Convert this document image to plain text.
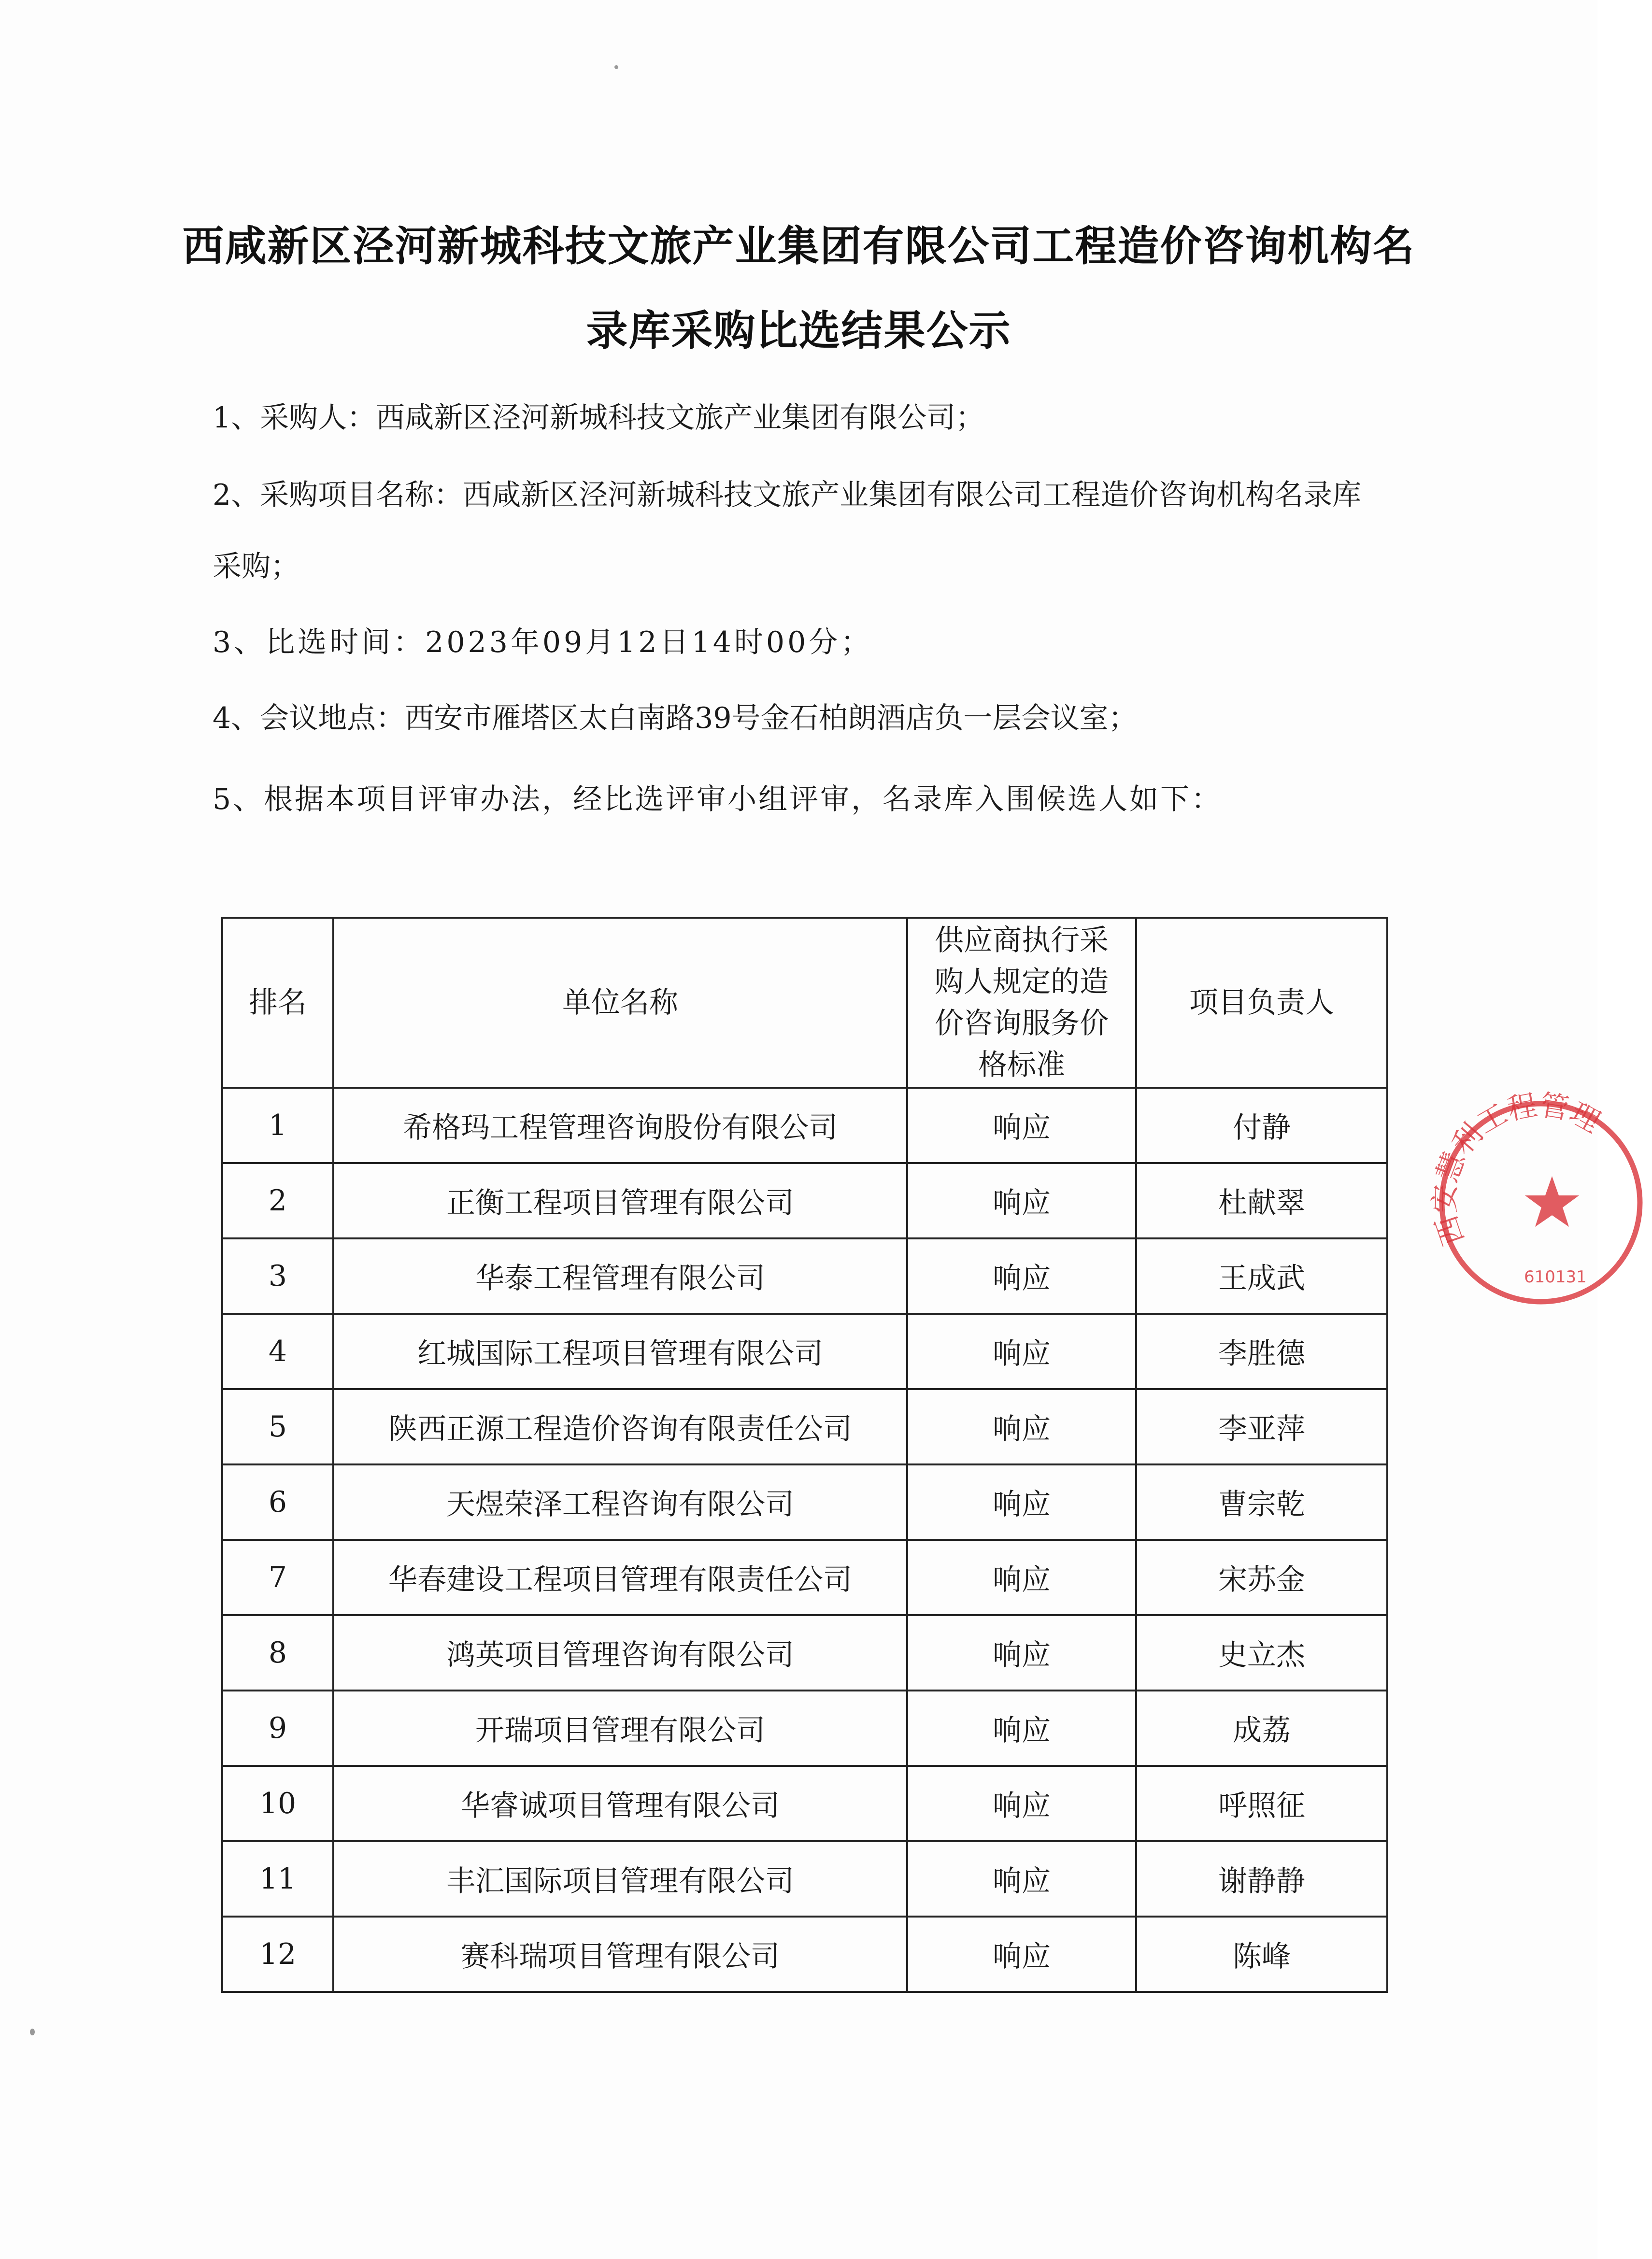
西咸新区泾河新城科技文旅产业集团有限公司工程造价咨询机构名
录库采购比选结果公示
1、采购人：西咸新区泾河新城科技文旅产业集团有限公司；
2、采购项目名称：西咸新区泾河新城科技文旅产业集团有限公司工程造价咨询机构名录库
采购；
3、比选时间：2023年09月12日14时00分；
4、会议地点：西安市雁塔区太白南路39号金石柏朗酒店负一层会议室；
5、根据本项目评审办法，经比选评审小组评审，名录库入围候选人如下：
排名	单位名称	供应商执行采购人规定的造价咨询服务价格标准	项目负责人
1	希格玛工程管理咨询股份有限公司	响应	付静
2	正衡工程项目管理有限公司	响应	杜献翠
3	华泰工程管理有限公司	响应	王成武
4	红城国际工程项目管理有限公司	响应	李胜德
5	陕西正源工程造价咨询有限责任公司	响应	李亚萍
6	天煜荣泽工程咨询有限公司	响应	曹宗乾
7	华春建设工程项目管理有限责任公司	响应	宋苏金
8	鸿英项目管理咨询有限公司	响应	史立杰
9	开瑞项目管理有限公司	响应	成荔
10	华睿诚项目管理有限公司	响应	呼照征
11	丰汇国际项目管理有限公司	响应	谢静静
12	赛科瑞项目管理有限公司	响应	陈峰
西安慧利工程管理
610131
